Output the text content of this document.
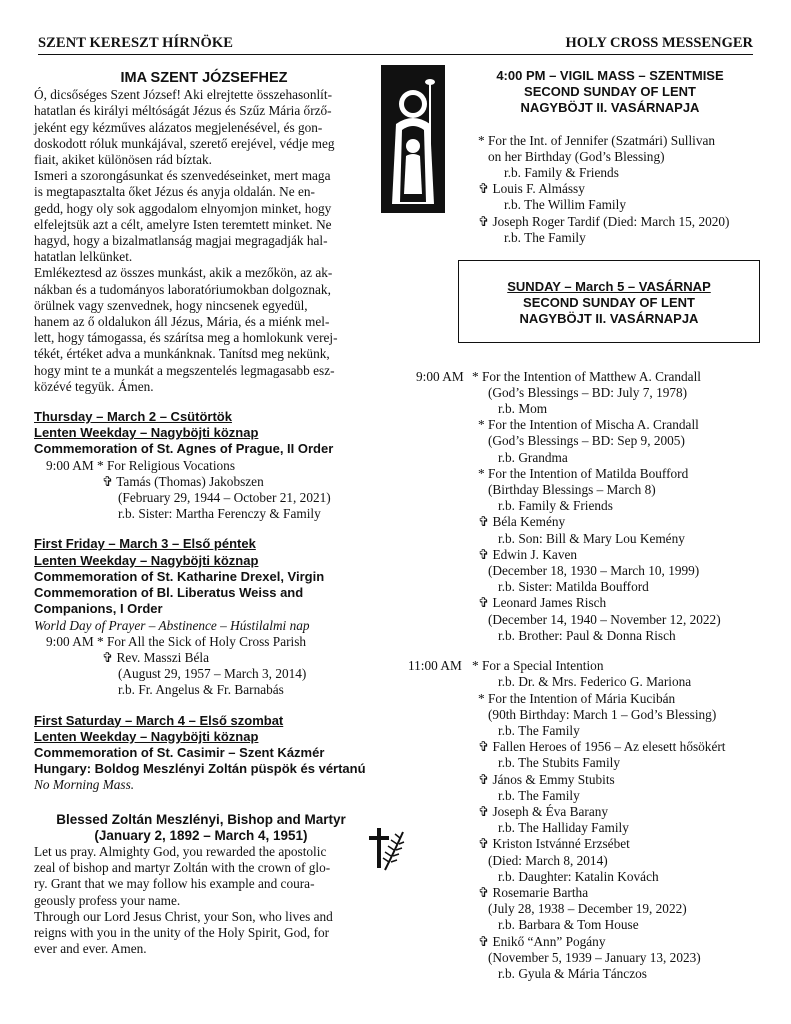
SZENT KERESZT HÍRNÖKE	HOLY CROSS MESSENGER
IMA SZENT JÓZSEFHEZ
Ó, dicsőséges Szent József! Aki elrejtette összehasonlít-
hatatlan és királyi méltóságát Jézus és Szűz Mária őrző-
jeként egy kézműves alázatos megjelenésével, és gon-
doskodott róluk munkájával, szerető erejével, védje meg
fiait, akiket különösen rád bíztak.
Ismeri a szorongásunkat és szenvedéseinket, mert maga
is megtapasztalta őket Jézus és anyja oldalán. Ne en-
gedd, hogy oly sok aggodalom elnyomjon minket, hogy
elfelejtsük azt a célt, amelyre Isten teremtett minket. Ne
hagyd, hogy a bizalmatlanság magjai megragadják hal-
hatatlan lelkünket.
Emlékeztesd az összes munkást, akik a mezőkön, az ak-
nákban és a tudományos laboratóriumokban dolgoznak,
örülnek vagy szenvednek, hogy nincsenek egyedül,
hanem az ő oldalukon áll Jézus, Mária, és a miénk mel-
lett, hogy támogassa, és szárítsa meg a homlokunk verej-
tékét, értéket adva a munkánknak. Tanítsd meg nekünk,
hogy mint te a munkát a megszentelés legmagasabb esz-
közévé tegyük. Ámen.
Thursday – March 2 – Csütörtök
Lenten Weekday – Nagyböjti köznap
Commemoration of St. Agnes of Prague, II Order
9:00 AM * For Religious Vocations
✞ Tamás (Thomas) Jakobszen
(February 29, 1944 – October 21, 2021)
r.b. Sister: Martha Ferenczy & Family
First Friday – March 3 – Első péntek
Lenten Weekday – Nagyböjti köznap
Commemoration of St. Katharine Drexel, Virgin
Commemoration of Bl. Liberatus Weiss and
Companions, I Order
World Day of Prayer – Abstinence – Hústilalmi nap
9:00 AM * For All the Sick of Holy Cross Parish
✞ Rev. Masszi Béla
(August 29, 1957 – March 3, 2014)
r.b. Fr. Angelus & Fr. Barnabás
First Saturday – March 4 – Első szombat
Lenten Weekday – Nagyböjti köznap
Commemoration of St. Casimir – Szent Kázmér
Hungary: Boldog Meszlényi Zoltán püspök és vértanú
No Morning Mass.
Blessed Zoltán Meszlényi, Bishop and Martyr
(January 2, 1892 – March 4, 1951)
Let us pray. Almighty God, you rewarded the apostolic
zeal of bishop and martyr Zoltán with the crown of glo-
ry. Grant that we may follow his example and coura-
geously profess your name.
Through our Lord Jesus Christ, your Son, who lives and
reigns with you in the unity of the Holy Spirit, God, for
ever and ever. Amen.
4:00 PM – VIGIL MASS – SZENTMISE
SECOND SUNDAY OF LENT
NAGYBÖJT II. VASÁRNAPJA
* For the Int. of Jennifer (Szatmári) Sullivan
on her Birthday (God’s Blessing)
r.b. Family & Friends
✞ Louis F. Almássy
r.b. The Willim Family
✞ Joseph Roger Tardif (Died: March 15, 2020)
r.b. The Family
SUNDAY – March 5 – VASÁRNAP
SECOND SUNDAY OF LENT
NAGYBÖJT II. VASÁRNAPJA
9:00 AM * For the Intention of Matthew A. Crandall
(God’s Blessings – BD: July 7, 1978)
r.b. Mom
* For the Intention of Mischa A. Crandall
(God’s Blessings – BD: Sep 9, 2005)
r.b. Grandma
* For the Intention of Matilda Boufford
(Birthday Blessings – March 8)
r.b. Family & Friends
✞ Béla Kemény
r.b. Son: Bill & Mary Lou Kemény
✞ Edwin J. Kaven
(December 18, 1930 – March 10, 1999)
r.b. Sister: Matilda Boufford
✞ Leonard James Risch
(December 14, 1940 – November 12, 2022)
r.b. Brother: Paul & Donna Risch
11:00 AM * For a Special Intention
r.b. Dr. & Mrs. Federico G. Mariona
* For the Intention of Mária Kucibán
(90th Birthday: March 1 – God’s Blessing)
r.b. The Family
✞ Fallen Heroes of 1956 – Az elesett hősökért
r.b. The Stubits Family
✞ János & Emmy Stubits
r.b. The Family
✞ Joseph & Éva Barany
r.b. The Halliday Family
✞ Kriston Istvánné Erzsébet
(Died: March 8, 2014)
r.b. Daughter: Katalin Kovách
✞ Rosemarie Bartha
(July 28, 1938 – December 19, 2022)
r.b. Barbara & Tom House
✞ Enikő “Ann” Pogány
(November 5, 1939 – January 13, 2023)
r.b. Gyula & Mária Tánczos
